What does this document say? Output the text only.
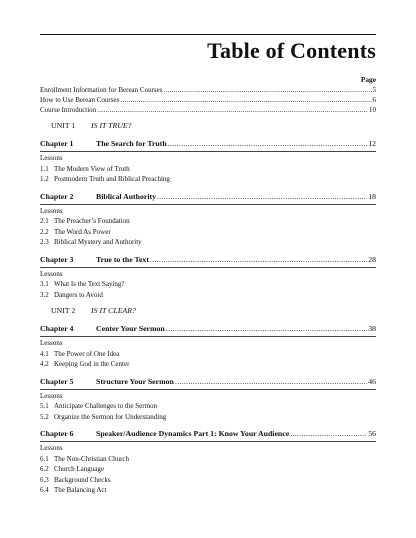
Table of Contents
Page
Enrollment Information for Berean Courses .....	5
How to Use Berean Courses .....	6
Course Introduction .....	10
UNIT 1	IS IT TRUE?
Chapter 1	The Search for Truth .....	12
Lessons
1.1 The Modern View of Truth
1.2 Postmodern Truth and Biblical Preaching
Chapter 2	Biblical Authority .....	18
Lessons
2.1 The Preacher’s Foundation
2.2 The Word As Power
2.3 Biblical Mystery and Authority
Chapter 3	True to the Text .....	28
Lessons
3.1 What Is the Text Saying?
3.2 Dangers to Avoid
UNIT 2	IS IT CLEAR?
Chapter 4	Center Your Sermon .....	38
Lessons
4.1 The Power of One Idea
4.2 Keeping God in the Center
Chapter 5	Structure Your Sermon .....	46
Lessons
5.1 Anticipate Challenges to the Sermon
5.2 Organize the Sermon for Understanding
Chapter 6	Speaker/Audience Dynamics Part 1: Know Your Audience .....	56
Lessons
6.1 The Non-Christian Church
6.2 Church Language
6.3 Background Checks
6.4 The Balancing Act
